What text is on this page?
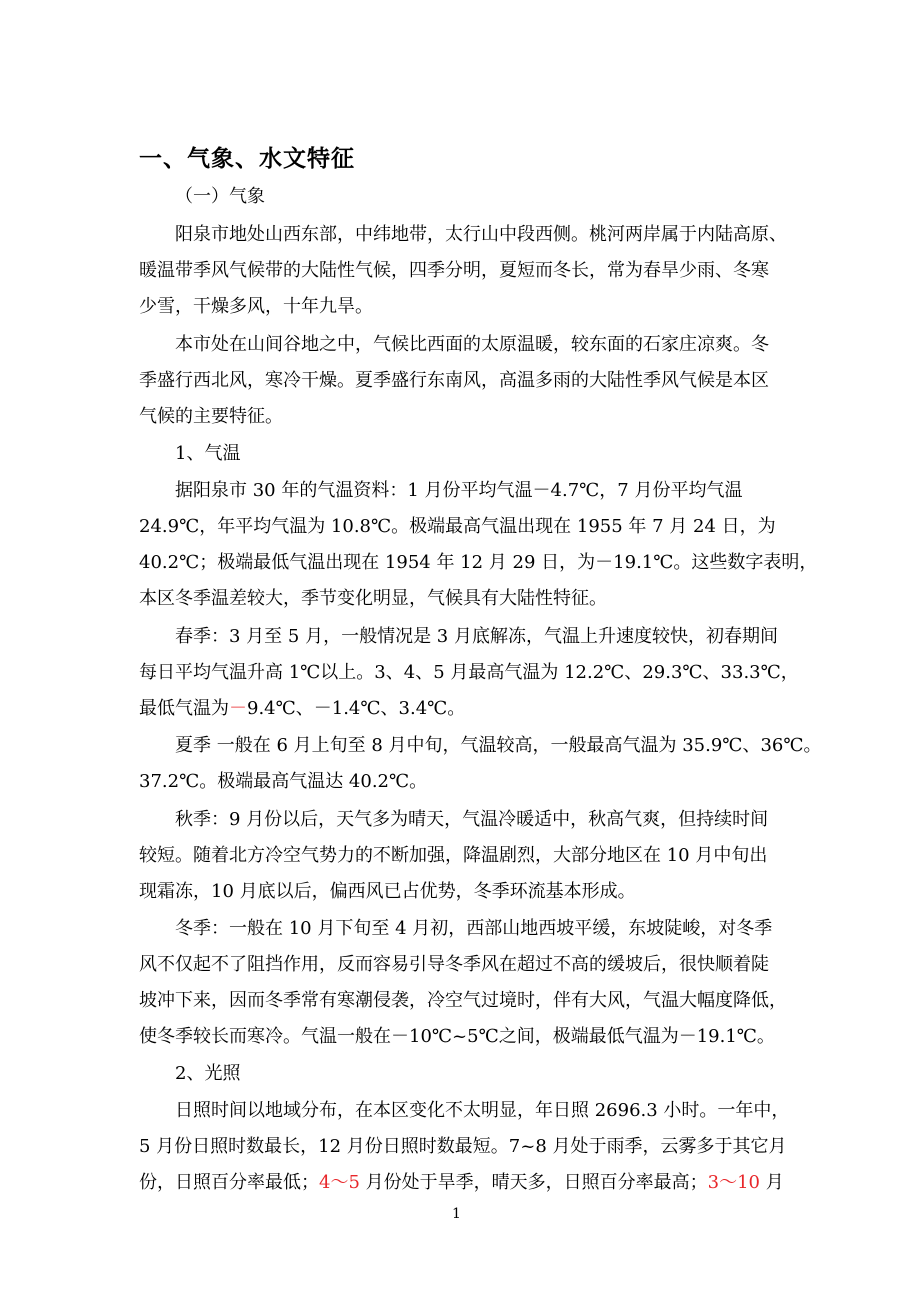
一、气象、水文特征
（一）气象
阳泉市地处山西东部，中纬地带，太行山中段西侧。桃河两岸属于内陆高原、
暖温带季风气候带的大陆性气候，四季分明，夏短而冬长，常为春旱少雨、冬寒
少雪，干燥多风，十年九旱。
本市处在山间谷地之中，气候比西面的太原温暖，较东面的石家庄凉爽。冬
季盛行西北风，寒冷干燥。夏季盛行东南风，高温多雨的大陆性季风气候是本区
气候的主要特征。
1、气温
据阳泉市 30 年的气温资料：1 月份平均气温－4.7℃，7 月份平均气温
24.9℃，年平均气温为 10.8℃。极端最高气温出现在 1955 年 7 月 24 日，为
40.2℃；极端最低气温出现在 1954 年 12 月 29 日，为－19.1℃。这些数字表明，
本区冬季温差较大，季节变化明显，气候具有大陆性特征。
春季：3 月至 5 月，一般情况是 3 月底解冻，气温上升速度较快，初春期间
每日平均气温升高 1℃以上。3、4、5 月最高气温为 12.2℃、29.3℃、33.3℃，
最低气温为－9.4℃、－1.4℃、3.4℃。
夏季 一般在 6 月上旬至 8 月中旬，气温较高，一般最高气温为 35.9℃、36℃。
37.2℃。极端最高气温达 40.2℃。
秋季：9 月份以后，天气多为晴天，气温冷暖适中，秋高气爽，但持续时间
较短。随着北方冷空气势力的不断加强，降温剧烈，大部分地区在 10 月中旬出
现霜冻，10 月底以后，偏西风已占优势，冬季环流基本形成。
冬季：一般在 10 月下旬至 4 月初，西部山地西坡平缓，东坡陡峻，对冬季
风不仅起不了阻挡作用，反而容易引导冬季风在超过不高的缓坡后，很快顺着陡
坡冲下来，因而冬季常有寒潮侵袭，冷空气过境时，伴有大风，气温大幅度降低，
使冬季较长而寒冷。气温一般在－10℃~5℃之间，极端最低气温为－19.1℃。
2、光照
日照时间以地域分布，在本区变化不太明显，年日照 2696.3 小时。一年中，
5 月份日照时数最长，12 月份日照时数最短。7~8 月处于雨季，云雾多于其它月
份，日照百分率最低；4～5 月份处于旱季，晴天多，日照百分率最高；3～10 月
1
